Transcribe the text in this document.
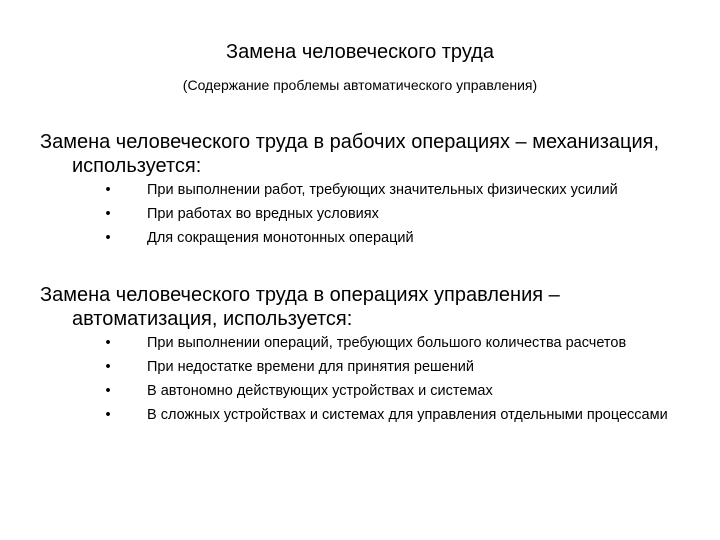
Замена человеческого труда
(Содержание проблемы автоматического управления)

Замена человеческого труда в рабочих операциях – механизация, используется:

•	При выполнении работ, требующих значительных физических усилий
•	При работах во вредных условиях
•	Для сокращения монотонных операций

Замена человеческого труда в операциях управления – автоматизация, используется:

•	При выполнении операций, требующих большого количества расчетов
•	При недостатке времени для принятия решений
•	В автономно действующих устройствах и системах
•	В сложных устройствах и системах для управления отдельными процессами
